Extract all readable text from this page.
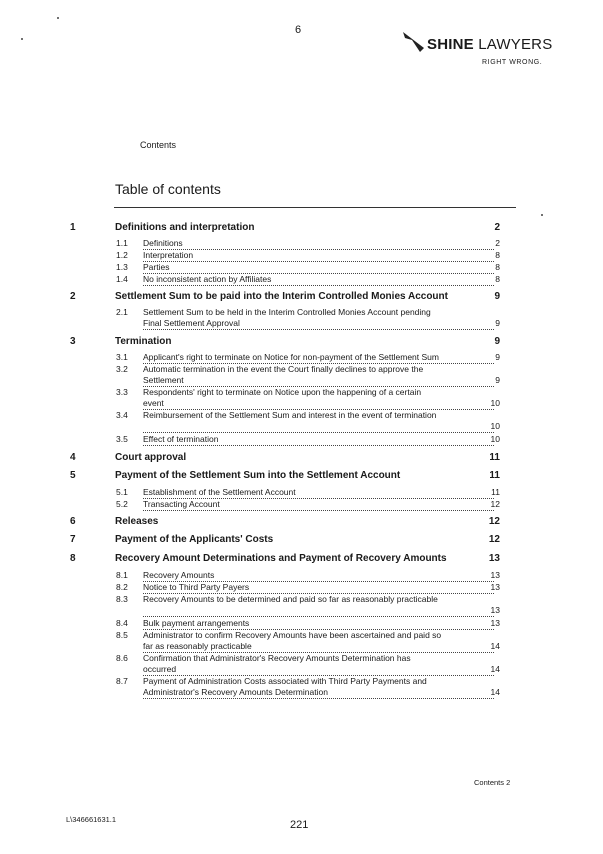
6
SHINE LAWYERS
RIGHT WRONG.
Contents
Table of contents
1	Definitions and interpretation	2
1.1 Definitions	2
1.2 Interpretation	8
1.3 Parties	8
1.4 No inconsistent action by Affiliates	8
2	Settlement Sum to be paid into the Interim Controlled Monies Account	9
2.1 Settlement Sum to be held in the Interim Controlled Monies Account pending
Final Settlement Approval	9
3	Termination	9
3.1 Applicant's right to terminate on Notice for non-payment of the Settlement Sum	9
3.2 Automatic termination in the event the Court finally declines to approve the
Settlement	9
3.3 Respondents' right to terminate on Notice upon the happening of a certain
event	10
3.4 Reimbursement of the Settlement Sum and interest in the event of termination
10
3.5 Effect of termination	10
4	Court approval	11
5	Payment of the Settlement Sum into the Settlement Account	11
5.1 Establishment of the Settlement Account	11
5.2 Transacting Account	12
6	Releases	12
7	Payment of the Applicants' Costs	12
8	Recovery Amount Determinations and Payment of Recovery Amounts	13
8.1 Recovery Amounts	13
8.2 Notice to Third Party Payers	13
8.3 Recovery Amounts to be determined and paid so far as reasonably practicable
13
8.4 Bulk payment arrangements	13
8.5 Administrator to confirm Recovery Amounts have been ascertained and paid so
far as reasonably practicable	14
8.6 Confirmation that Administrator's Recovery Amounts Determination has
occurred	14
8.7 Payment of Administration Costs associated with Third Party Payments and
Administrator's Recovery Amounts Determination	14
Contents 2
L\346661631.1	221
